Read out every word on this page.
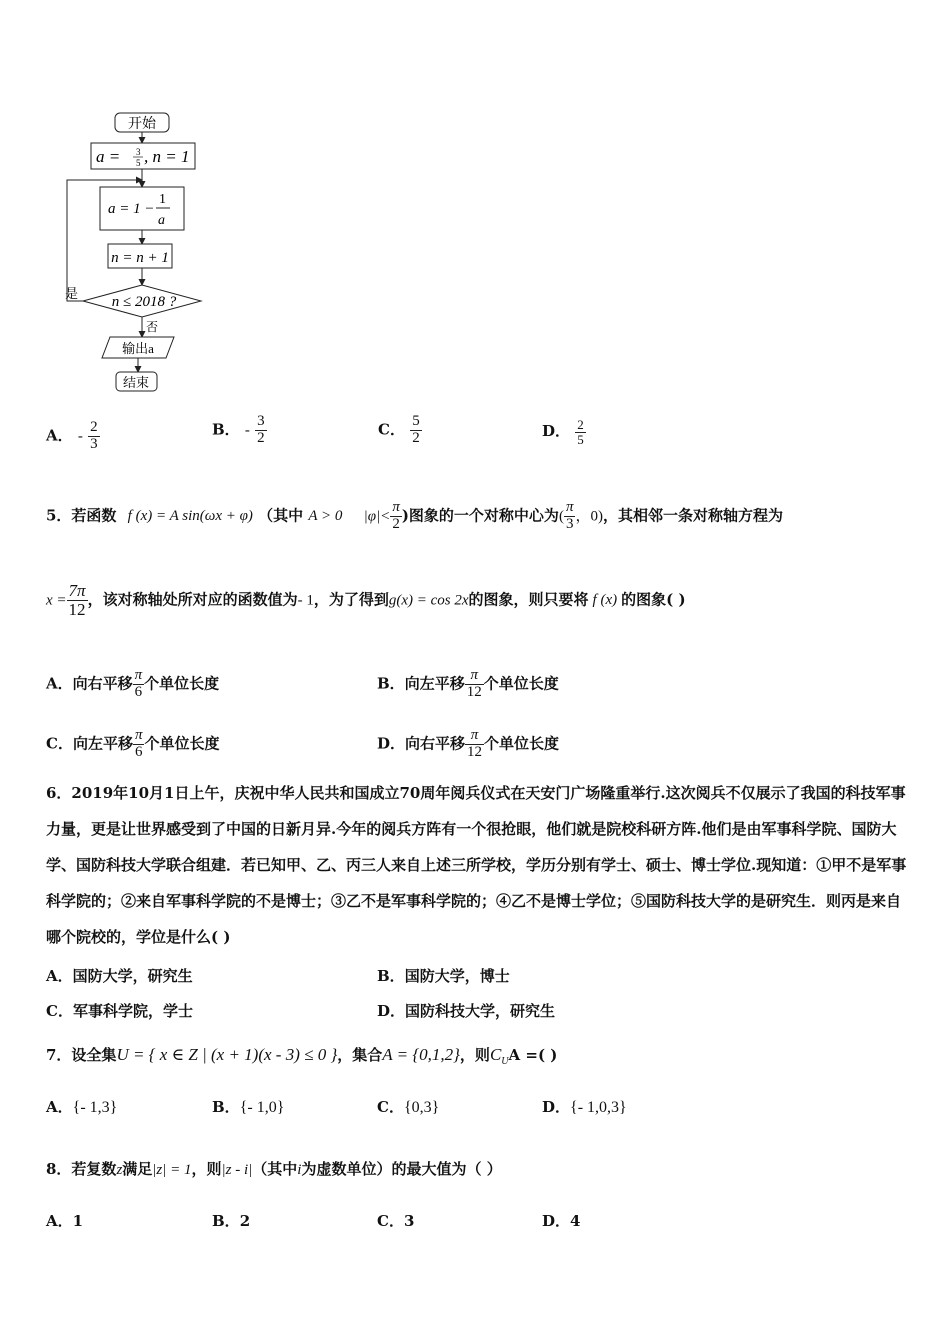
开始
a = 3
5 , n = 1
a = 1 −
1
a
n = n + 1
n ≤ 2018 ?
是
否
输出a
结束
A． - $\frac{2}{3}$	B． - $\frac{3}{2}$	C． $\frac{5}{2}$	D． $\frac{2}{5}$
5．若函数 f (x) = A sin(ωx + φ) （其中 A > 0 $|\varphi|< \frac{\pi}{2}$ )图象的一个对称中心为( $\frac{\pi}{3}$ ，0)，其相邻一条对称轴方程为
$x = \frac{7\pi}{12}$ ，该对称轴处所对应的函数值为- 1，为了得到g(x) = cos 2x的图象，则只要将 f (x) 的图象( )
A．向右平移 $\frac{\pi}{6}$ 个单位长度	B．向左平移 $\frac{\pi}{12}$ 个单位长度
C．向左平移 $\frac{\pi}{6}$ 个单位长度	D．向右平移 $\frac{\pi}{12}$ 个单位长度
6．2019年10月1日上午，庆祝中华人民共和国成立70周年阅兵仪式在天安门广场隆重举行.这次阅兵不仅展示了我国的科技军事力量，更是让世界感受到了中国的日新月异.今年的阅兵方阵有一个很抢眼，他们就是院校科研方阵.他们是由军事科学院、国防大学、国防科技大学联合组建．若已知甲、乙、丙三人来自上述三所学校，学历分别有学士、硕士、博士学位.现知道：①甲不是军事科学院的；②来自军事科学院的不是博士；③乙不是军事科学院的；④乙不是博士学位；⑤国防科技大学的是研究生．则丙是来自哪个院校的，学位是什么( )
A．国防大学，研究生	B．国防大学，博士
C．军事科学院，学士	D．国防科技大学，研究生
7．设全集U = { x ∈ Z | (x + 1)(x - 3) ≤ 0 }，集合A = {0,1,2}，则$C_UA$ =( )
A．{- 1,3}	B．{- 1,0}	C．{0,3}	D．{- 1,0,3}
8．若复数z满足|z| = 1，则|z - i|（其中i为虚数单位）的最大值为（ ）
A．1	B．2	C．3	D．4
